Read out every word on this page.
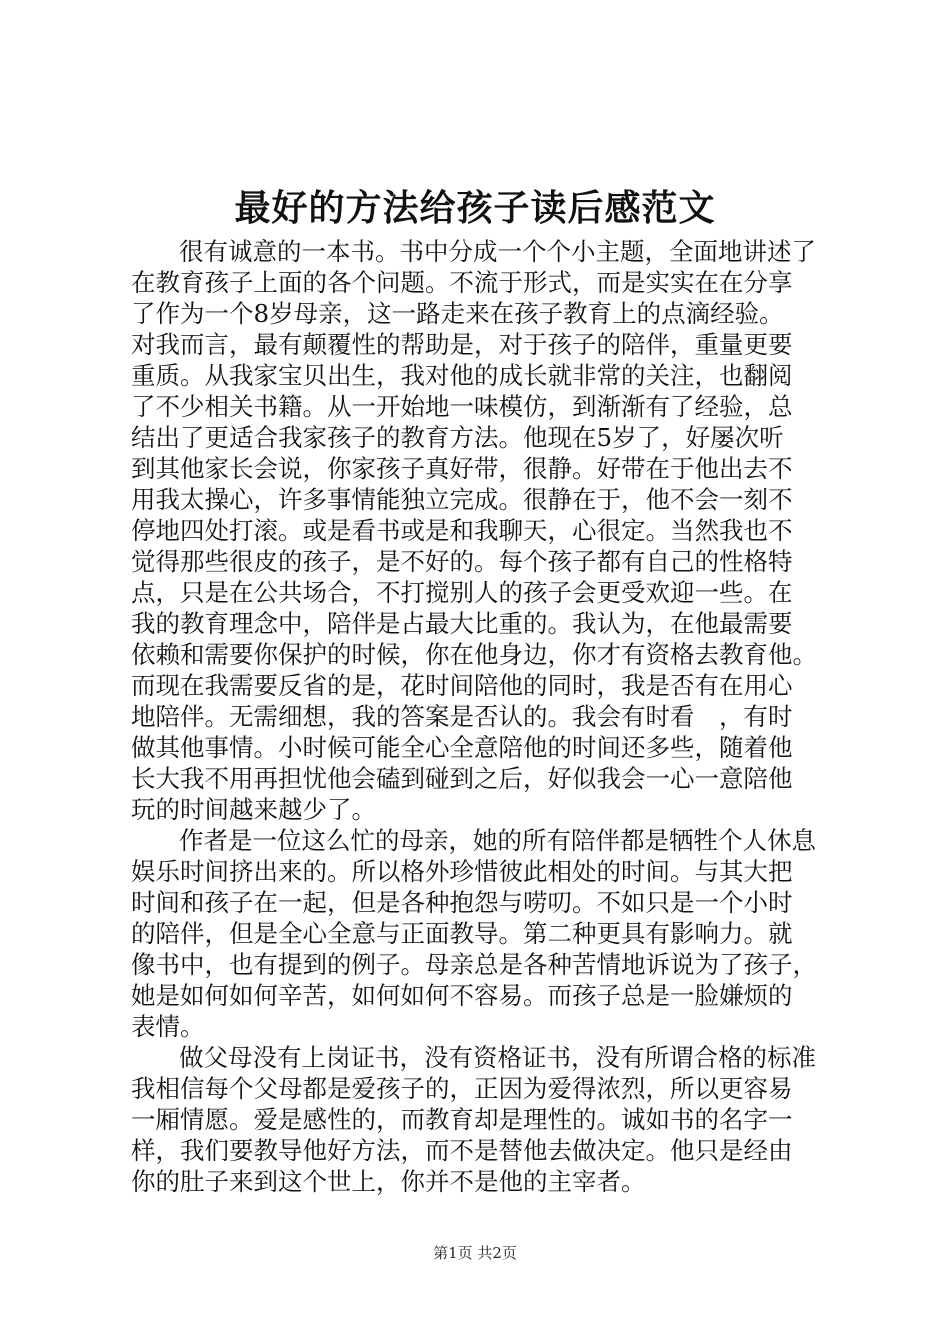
最好的方法给孩子读后感范文
很有诚意的一本书。书中分成一个个小主题，全面地讲述了
在教育孩子上面的各个问题。不流于形式，而是实实在在分享
了作为一个8岁母亲，这一路走来在孩子教育上的点滴经验。
对我而言，最有颠覆性的帮助是，对于孩子的陪伴，重量更要
重质。从我家宝贝出生，我对他的成长就非常的关注，也翻阅
了不少相关书籍。从一开始地一味模仿，到渐渐有了经验，总
结出了更适合我家孩子的教育方法。他现在5岁了，好屡次听
到其他家长会说，你家孩子真好带，很静。好带在于他出去不
用我太操心，许多事情能独立完成。很静在于，他不会一刻不
停地四处打滚。或是看书或是和我聊天，心很定。当然我也不
觉得那些很皮的孩子，是不好的。每个孩子都有自己的性格特
点，只是在公共场合，不打搅别人的孩子会更受欢迎一些。在
我的教育理念中，陪伴是占最大比重的。我认为，在他最需要
依赖和需要你保护的时候，你在他身边，你才有资格去教育他。
而现在我需要反省的是，花时间陪他的同时，我是否有在用心
地陪伴。无需细想，我的答案是否认的。我会有时看　，有时
做其他事情。小时候可能全心全意陪他的时间还多些，随着他
长大我不用再担忧他会磕到碰到之后，好似我会一心一意陪他
玩的时间越来越少了。
作者是一位这么忙的母亲，她的所有陪伴都是牺牲个人休息
娱乐时间挤出来的。所以格外珍惜彼此相处的时间。与其大把
时间和孩子在一起，但是各种抱怨与唠叨。不如只是一个小时
的陪伴，但是全心全意与正面教导。第二种更具有影响力。就
像书中，也有提到的例子。母亲总是各种苦情地诉说为了孩子，
她是如何如何辛苦，如何如何不容易。而孩子总是一脸嫌烦的
表情。
做父母没有上岗证书，没有资格证书，没有所谓合格的标准
我相信每个父母都是爱孩子的，正因为爱得浓烈，所以更容易
一厢情愿。爱是感性的，而教育却是理性的。诚如书的名字一
样，我们要教导他好方法，而不是替他去做决定。他只是经由
你的肚子来到这个世上，你并不是他的主宰者。
第1页 共2页
